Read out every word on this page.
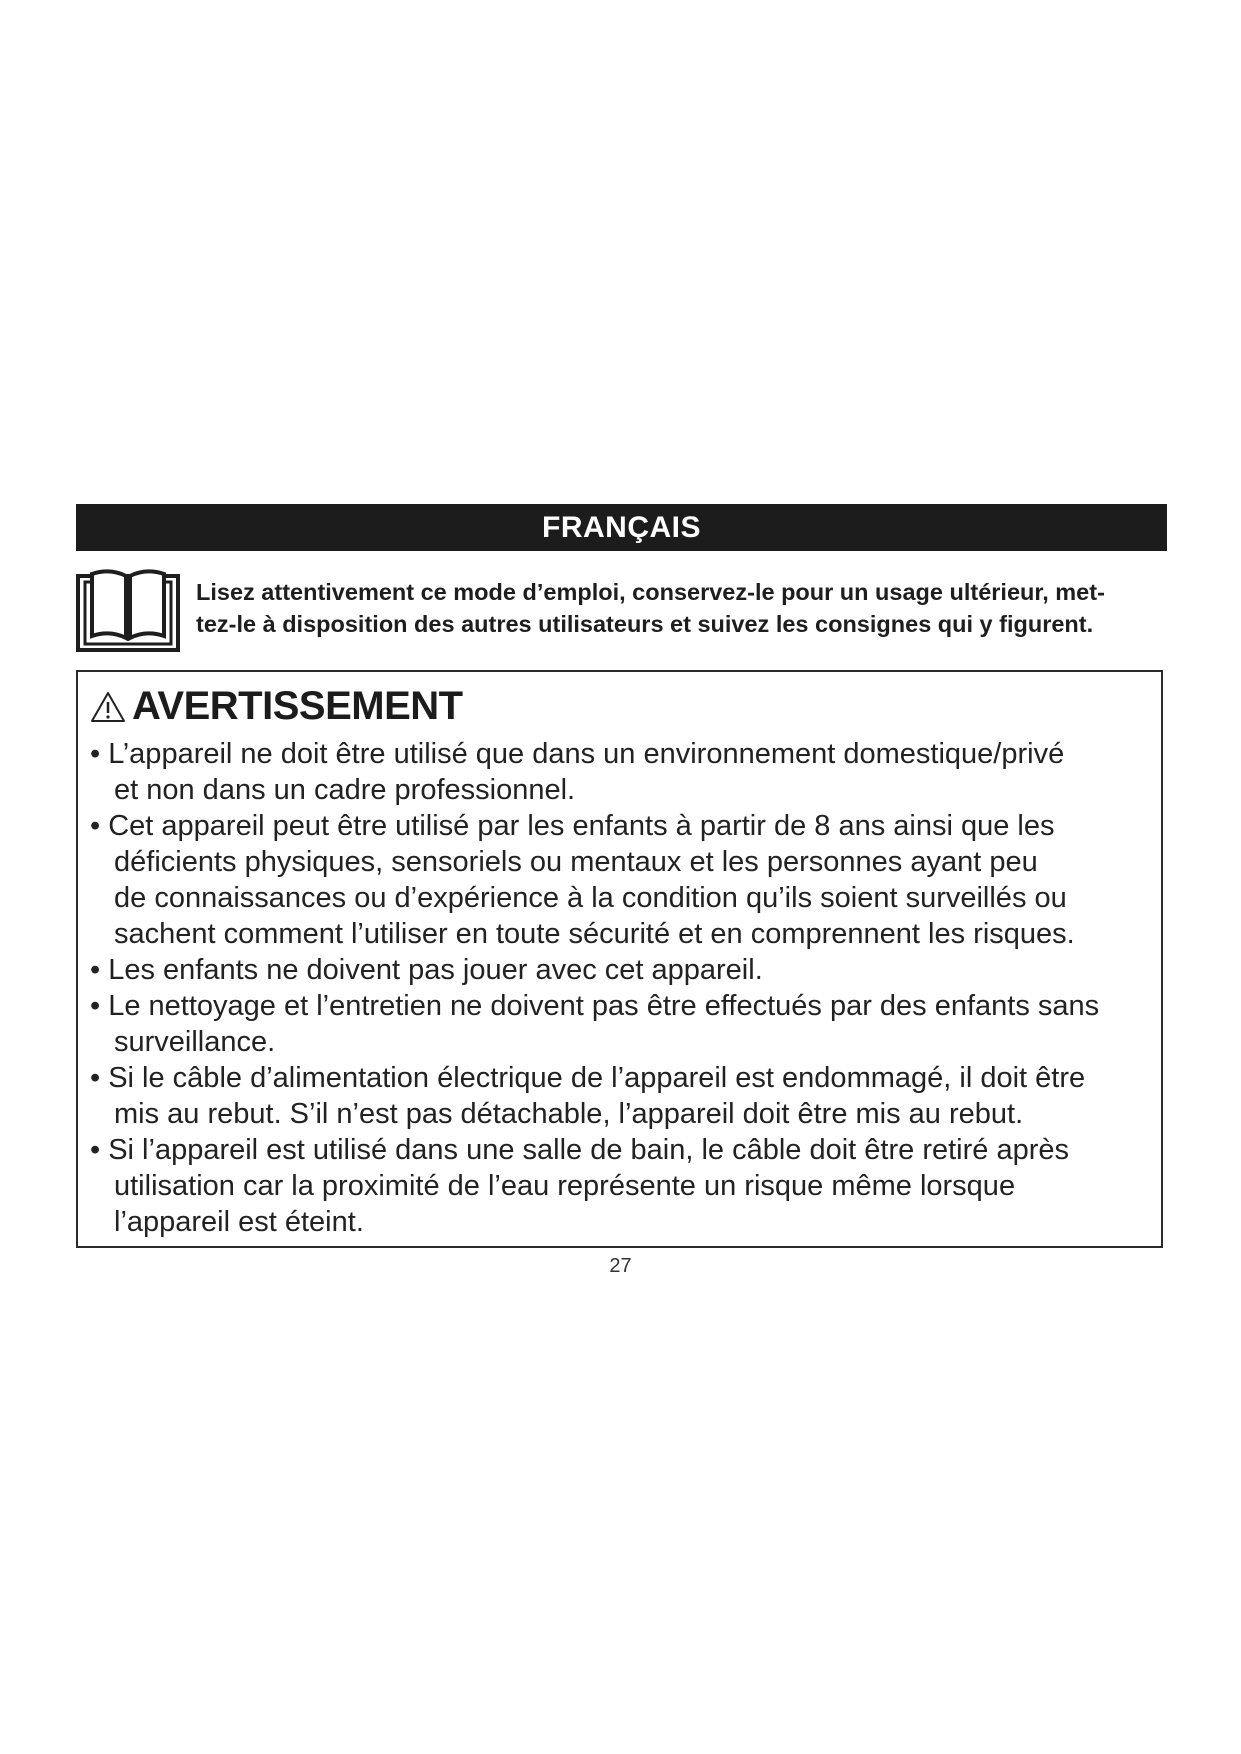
FRANÇAIS
Lisez attentivement ce mode d’emploi, conservez-le pour un usage ultérieur, met-
tez-le à disposition des autres utilisateurs et suivez les consignes qui y figurent.
AVERTISSEMENT
• L’appareil ne doit être utilisé que dans un environnement domestique/privé
et non dans un cadre professionnel.
• Cet appareil peut être utilisé par les enfants à partir de 8 ans ainsi que les
déficients physiques, sensoriels ou mentaux et les personnes ayant peu
de connaissances ou d’expérience à la condition qu’ils soient surveillés ou
sachent comment l’utiliser en toute sécurité et en comprennent les risques.
• Les enfants ne doivent pas jouer avec cet appareil.
• Le nettoyage et l’entretien ne doivent pas être effectués par des enfants sans
surveillance.
• Si le câble d’alimentation électrique de l’appareil est endommagé, il doit être
mis au rebut. S’il n’est pas détachable, l’appareil doit être mis au rebut.
• Si l’appareil est utilisé dans une salle de bain, le câble doit être retiré après
utilisation car la proximité de l’eau représente un risque même lorsque
l’appareil est éteint.
27
